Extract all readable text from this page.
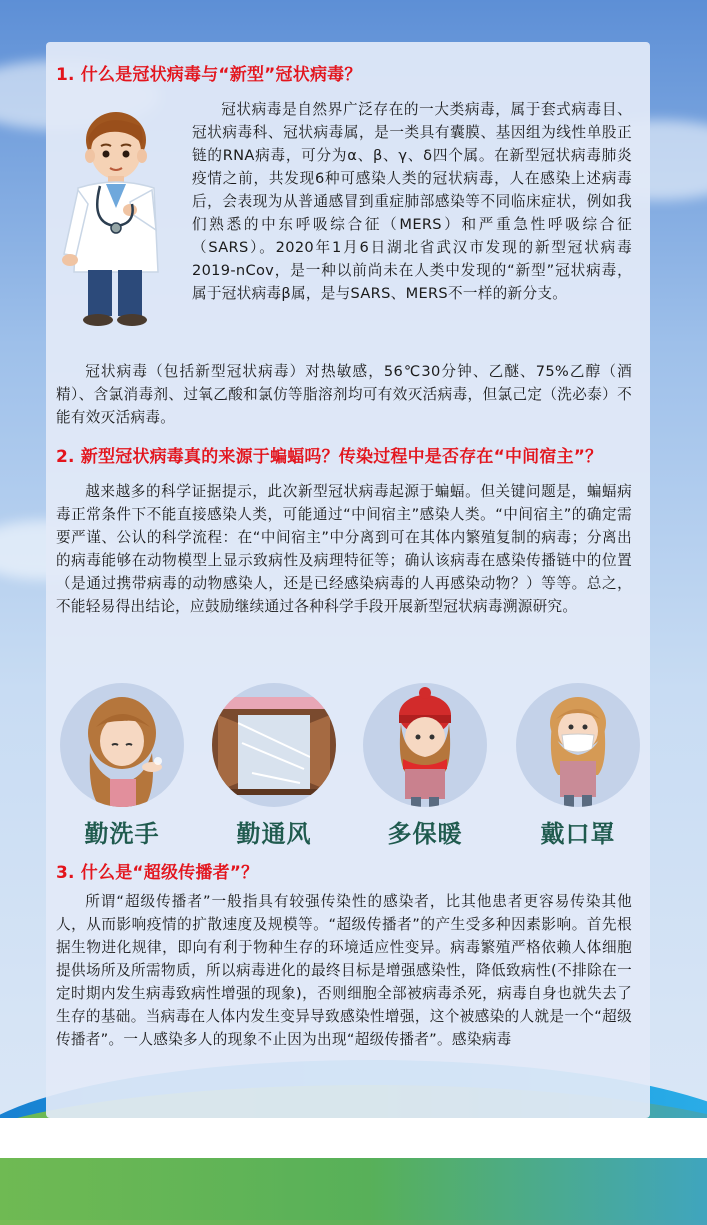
1. 什么是冠状病毒与“新型”冠状病毒？

冠状病毒是自然界广泛存在的一大类病毒，属于套式病毒目、冠状病毒科、冠状病毒属，是一类具有囊膜、基因组为线性单股正链的RNA病毒，可分为α、β、γ、δ四个属。在新型冠状病毒肺炎疫情之前，共发现6种可感染人类的冠状病毒，人在感染上述病毒后，会表现为从普通感冒到重症肺部感染等不同临床症状，例如我们熟悉的中东呼吸综合征（MERS）和严重急性呼吸综合征（SARS）。2020年1月6日湖北省武汉市发现的新型冠状病毒2019-nCov，是一种以前尚未在人类中发现的“新型”冠状病毒，属于冠状病毒β属，是与SARS、MERS不一样的新分支。

冠状病毒（包括新型冠状病毒）对热敏感，56℃30分钟、乙醚、75%乙醇（酒精）、含氯消毒剂、过氧乙酸和氯仿等脂溶剂均可有效灭活病毒，但氯己定（洗必泰）不能有效灭活病毒。

2. 新型冠状病毒真的来源于蝙蝠吗？传染过程中是否存在“中间宿主”？

越来越多的科学证据提示，此次新型冠状病毒起源于蝙蝠。但关键问题是，蝙蝠病毒正常条件下不能直接感染人类，可能通过“中间宿主”感染人类。“中间宿主”的确定需要严谨、公认的科学流程：在“中间宿主”中分离到可在其体内繁殖复制的病毒；分离出的病毒能够在动物模型上显示致病性及病理特征等；确认该病毒在感染传播链中的位置（是通过携带病毒的动物感染人，还是已经感染病毒的人再感染动物？）等等。总之，不能轻易得出结论，应鼓励继续通过各种科学手段开展新型冠状病毒溯源研究。

勤洗手	勤通风	多保暖	戴口罩
3. 什么是“超级传播者”？

所谓“超级传播者”一般指具有较强传染性的感染者，比其他患者更容易传染其他人，从而影响疫情的扩散速度及规模等。“超级传播者”的产生受多种因素影响。首先根据生物进化规律，即向有利于物种生存的环境适应性变异。病毒繁殖严格依赖人体细胞提供场所及所需物质，所以病毒进化的最终目标是增强感染性，降低致病性(不排除在一定时期内发生病毒致病性增强的现象)，否则细胞全部被病毒杀死，病毒自身也就失去了生存的基础。当病毒在人体内发生变异导致感染性增强，这个被感染的人就是一个“超级传播者”。一人感染多人的现象不止因为出现“超级传播者”。感染病毒
